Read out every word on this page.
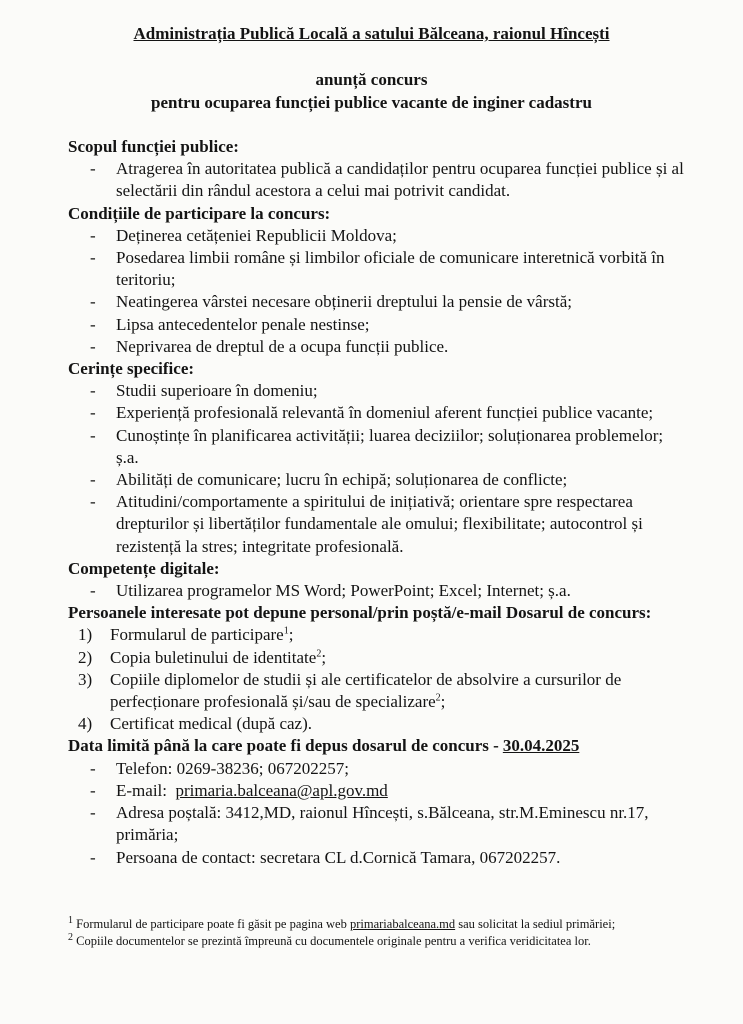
Administrația Publică Locală a satului Bălceana, raionul Hîncești
anunță concurs
pentru ocuparea funcției publice vacante de inginer cadastru

Scopul funcției publice:

- Atragerea în autoritatea publică a candidaților pentru ocuparea funcției publice și al selectării din rândul acestora a celui mai potrivit candidat.

Condițiile de participare la concurs:

- Deținerea cetățeniei Republicii Moldova;
- Posedarea limbii române și limbilor oficiale de comunicare interetnică vorbită în teritoriu;
- Neatingerea vârstei necesare obținerii dreptului la pensie de vârstă;
- Lipsa antecedentelor penale nestinse;
- Neprivarea de dreptul de a ocupa funcții publice.

Cerințe specifice:

- Studii superioare în domeniu;
- Experiență profesională relevantă în domeniul aferent funcției publice vacante;
- Cunoștințe în planificarea activității; luarea deciziilor; soluționarea problemelor; ș.a.
- Abilități de comunicare; lucru în echipă; soluționarea de conflicte;
- Atitudini/comportamente a spiritului de inițiativă; orientare spre respectarea drepturilor și libertăților fundamentale ale omului; flexibilitate; autocontrol și rezistență la stres; integritate profesională.

Competențe digitale:

- Utilizarea programelor MS Word; PowerPoint; Excel; Internet; ș.a.

Persoanele interesate pot depune personal/prin poștă/e-mail Dosarul de concurs:

1) Formularul de participare$^1$;
2) Copia buletinului de identitate$^2$;
3) Copiile diplomelor de studii și ale certificatelor de absolvire a cursurilor de perfecționare profesională și/sau de specializare$^2$;
4) Certificat medical (după caz).

Data limită până la care poate fi depus dosarul de concurs - 30.04.2025

- Telefon: 0269-38236; 067202257;
- E-mail: primaria.balceana@apl.gov.md
- Adresa poștală: 3412,MD, raionul Hîncești, s.Bălceana, str.M.Eminescu nr.17, primăria;
- Persoana de contact: secretara CL d.Cornică Tamara, 067202257.

$^1$ Formularul de participare poate fi găsit pe pagina web primariabalceana.md sau solicitat la sediul primăriei;

$^2$ Copiile documentelor se prezintă împreună cu documentele originale pentru a verifica veridicitatea lor.
